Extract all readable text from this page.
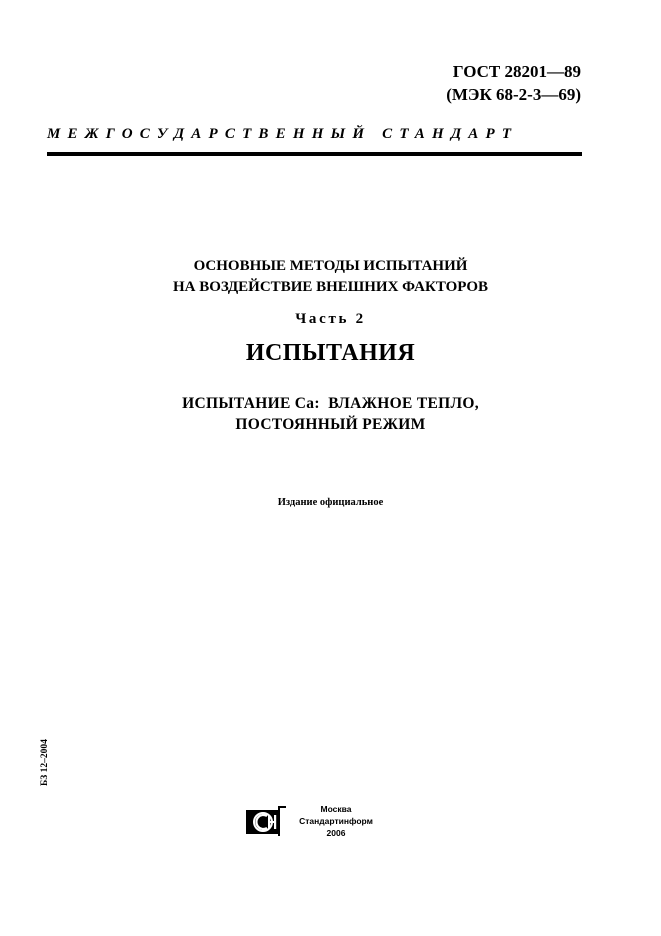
ГОСТ 28201—89
(МЭК 68-2-3—69)
МЕЖГОСУДАРСТВЕННЫЙ СТАНДАРТ
ОСНОВНЫЕ МЕТОДЫ ИСПЫТАНИЙ
НА ВОЗДЕЙСТВИЕ ВНЕШНИХ ФАКТОРОВ
Часть 2
ИСПЫТАНИЯ
ИСПЫТАНИЕ Са:  ВЛАЖНОЕ ТЕПЛО,
ПОСТОЯННЫЙ РЕЖИМ
Издание официальное
БЗ 12–2004
Москва
Стандартинформ
2006
